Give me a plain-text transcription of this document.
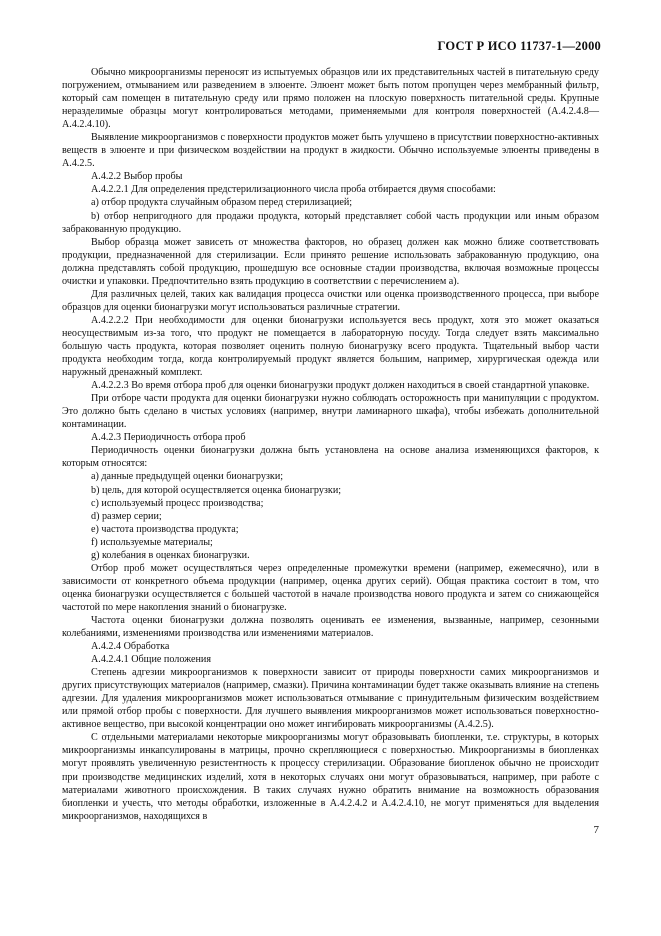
ГОСТ Р ИСО 11737-1—2000

Обычно микроорганизмы переносят из испытуемых образцов или их представительных частей в питательную среду погружением, отмыванием или разведением в элюенте. Элюент может быть потом пропущен через мембранный фильтр, который сам помещен в питательную среду или прямо положен на плоскую поверхность питательной среды. Крупные неразделимые образцы могут контролироваться методами, применяемыми для контроля поверхностей (А.4.2.4.8—А.4.2.4.10).

Выявление микроорганизмов с поверхности продуктов может быть улучшено в присутствии поверхностно-активных веществ в элюенте и при физическом воздействии на продукт в жидкости. Обычно используемые элюенты приведены в А.4.2.5.

А.4.2.2 Выбор пробы

А.4.2.2.1 Для определения предстерилизационного числа проба отбирается двумя способами:

a) отбор продукта случайным образом перед стерилизацией;

b) отбор непригодного для продажи продукта, который представляет собой часть продукции или иным образом забракованную продукцию.

Выбор образца может зависеть от множества факторов, но образец должен как можно ближе соответствовать продукции, предназначенной для стерилизации. Если принято решение использовать забракованную продукцию, она должна представлять собой продукцию, прошедшую все основные стадии производства, включая возможные процессы очистки и упаковки. Предпочтительно взять продукцию в соответствии с перечислением а).

Для различных целей, таких как валидация процесса очистки или оценка производственного процесса, при выборе образцов для оценки бионагрузки могут использоваться различные стратегии.

А.4.2.2.2 При необходимости для оценки бионагрузки используется весь продукт, хотя это может оказаться неосуществимым из-за того, что продукт не помещается в лабораторную посуду. Тогда следует взять максимально большую часть продукта, которая позволяет оценить полную бионагрузку всего продукта. Тщательный выбор части продукта необходим тогда, когда контролируемый продукт является большим, например, хирургическая одежда или наружный дренажный комплект.

А.4.2.2.3 Во время отбора проб для оценки бионагрузки продукт должен находиться в своей стандартной упаковке.

При отборе части продукта для оценки бионагрузки нужно соблюдать осторожность при манипуляции с продуктом. Это должно быть сделано в чистых условиях (например, внутри ламинарного шкафа), чтобы избежать дополнительной контаминации.

А.4.2.3 Периодичность отбора проб

Периодичность оценки бионагрузки должна быть установлена на основе анализа изменяющихся факторов, к которым относятся:

a) данные предыдущей оценки бионагрузки;

b) цель, для которой осуществляется оценка бионагрузки;

c) используемый процесс производства;

d) размер серии;

e) частота производства продукта;

f) используемые материалы;

g) колебания в оценках бионагрузки.

Отбор проб может осуществляться через определенные промежутки времени (например, ежемесячно), или в зависимости от конкретного объема продукции (например, оценка других серий). Общая практика состоит в том, что оценка бионагрузки осуществляется с большей частотой в начале производства нового продукта и затем со снижающейся частотой по мере накопления знаний о бионагрузке.

Частота оценки бионагрузки должна позволять оценивать ее изменения, вызванные, например, сезонными колебаниями, изменениями производства или изменениями материалов.

А.4.2.4 Обработка

А.4.2.4.1 Общие положения

Степень адгезии микроорганизмов к поверхности зависит от природы поверхности самих микроорганизмов и других присутствующих материалов (например, смазки). Причина контаминации будет также оказывать влияние на степень адгезии. Для удаления микроорганизмов может использоваться отмывание с принудительным физическим воздействием или прямой отбор пробы с поверхности. Для лучшего выявления микроорганизмов может использоваться поверхностно-активное вещество, при высокой концентрации оно может ингибировать микроорганизмы (А.4.2.5).

С отдельными материалами некоторые микроорганизмы могут образовывать биопленки, т.е. структуры, в которых микроорганизмы инкапсулированы в матрицы, прочно скрепляющиеся с поверхностью. Микроорганизмы в биопленках могут проявлять увеличенную резистентность к процессу стерилизации. Образование биопленок обычно не происходит при производстве медицинских изделий, хотя в некоторых случаях они могут образовываться, например, при работе с материалами животного происхождения. В таких случаях нужно обратить внимание на возможность образования биопленки и учесть, что методы обработки, изложенные в А.4.2.4.2 и А.4.2.4.10, не могут применяться для выделения микроорганизмов, находящихся в

7
